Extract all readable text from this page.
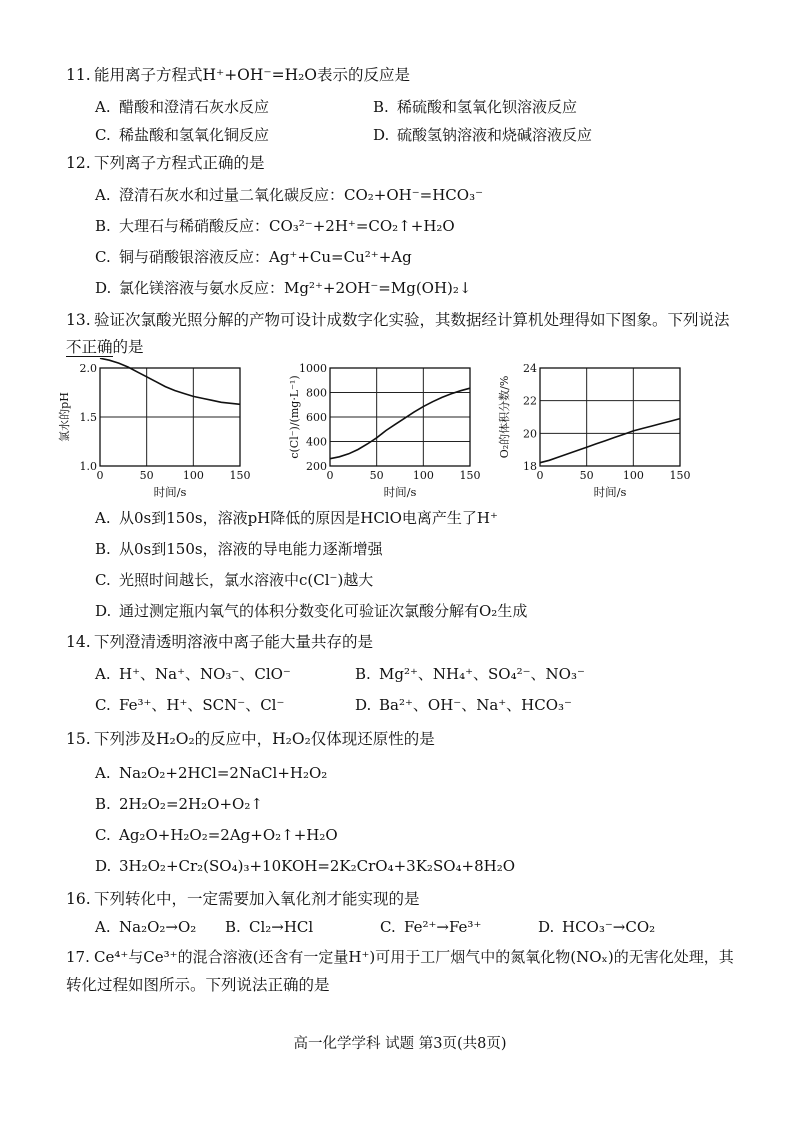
11. 能用离子方程式H⁺+OH⁻=H₂O表示的反应是
A. 醋酸和澄清石灰水反应	B. 稀硫酸和氢氧化钡溶液反应
C. 稀盐酸和氢氧化铜反应	D. 硫酸氢钠溶液和烧碱溶液反应
12. 下列离子方程式正确的是
A. 澄清石灰水和过量二氧化碳反应：CO₂+OH⁻=HCO₃⁻
B. 大理石与稀硝酸反应：CO₃²⁻+2H⁺=CO₂↑+H₂O
C. 铜与硝酸银溶液反应：Ag⁺+Cu=Cu²⁺+Ag
D. 氯化镁溶液与氨水反应：Mg²⁺+2OH⁻=Mg(OH)₂↓
13. 验证次氯酸光照分解的产物可设计成数字化实验，其数据经计算机处理得如下图象。下列说法
不正确的是
0	50	100 150
1.0
1.5
2.0
时间/s
氯水的pH
0	50	100 150
200
400
600
800
1000
时间/s
c(Cl⁻)/(mg·L⁻¹)
0	50	100 150
18
20
22
24
时间/s
O₂的体积分数/%
A. 从0s到150s，溶液pH降低的原因是HClO电离产生了H⁺
B. 从0s到150s，溶液的导电能力逐渐增强
C. 光照时间越长，氯水溶液中c(Cl⁻)越大
D. 通过测定瓶内氧气的体积分数变化可验证次氯酸分解有O₂生成
14. 下列澄清透明溶液中离子能大量共存的是
A. H⁺、Na⁺、NO₃⁻、ClO⁻	B. Mg²⁺、NH₄⁺、SO₄²⁻、NO₃⁻
C. Fe³⁺、H⁺、SCN⁻、Cl⁻	D. Ba²⁺、OH⁻、Na⁺、HCO₃⁻
15. 下列涉及H₂O₂的反应中，H₂O₂仅体现还原性的是
A. Na₂O₂+2HCl=2NaCl+H₂O₂
B. 2H₂O₂=2H₂O+O₂↑
C. Ag₂O+H₂O₂=2Ag+O₂↑+H₂O
D. 3H₂O₂+Cr₂(SO₄)₃+10KOH=2K₂CrO₄+3K₂SO₄+8H₂O
16. 下列转化中，一定需要加入氧化剂才能实现的是
A. Na₂O₂→O₂ B. Cl₂→HCl	C. Fe²⁺→Fe³⁺	D. HCO₃⁻→CO₂
17. Ce⁴⁺与Ce³⁺的混合溶液(还含有一定量H⁺)可用于工厂烟气中的氮氧化物(NOₓ)的无害化处理，其
转化过程如图所示。下列说法正确的是
高一化学学科 试题 第3页(共8页)
